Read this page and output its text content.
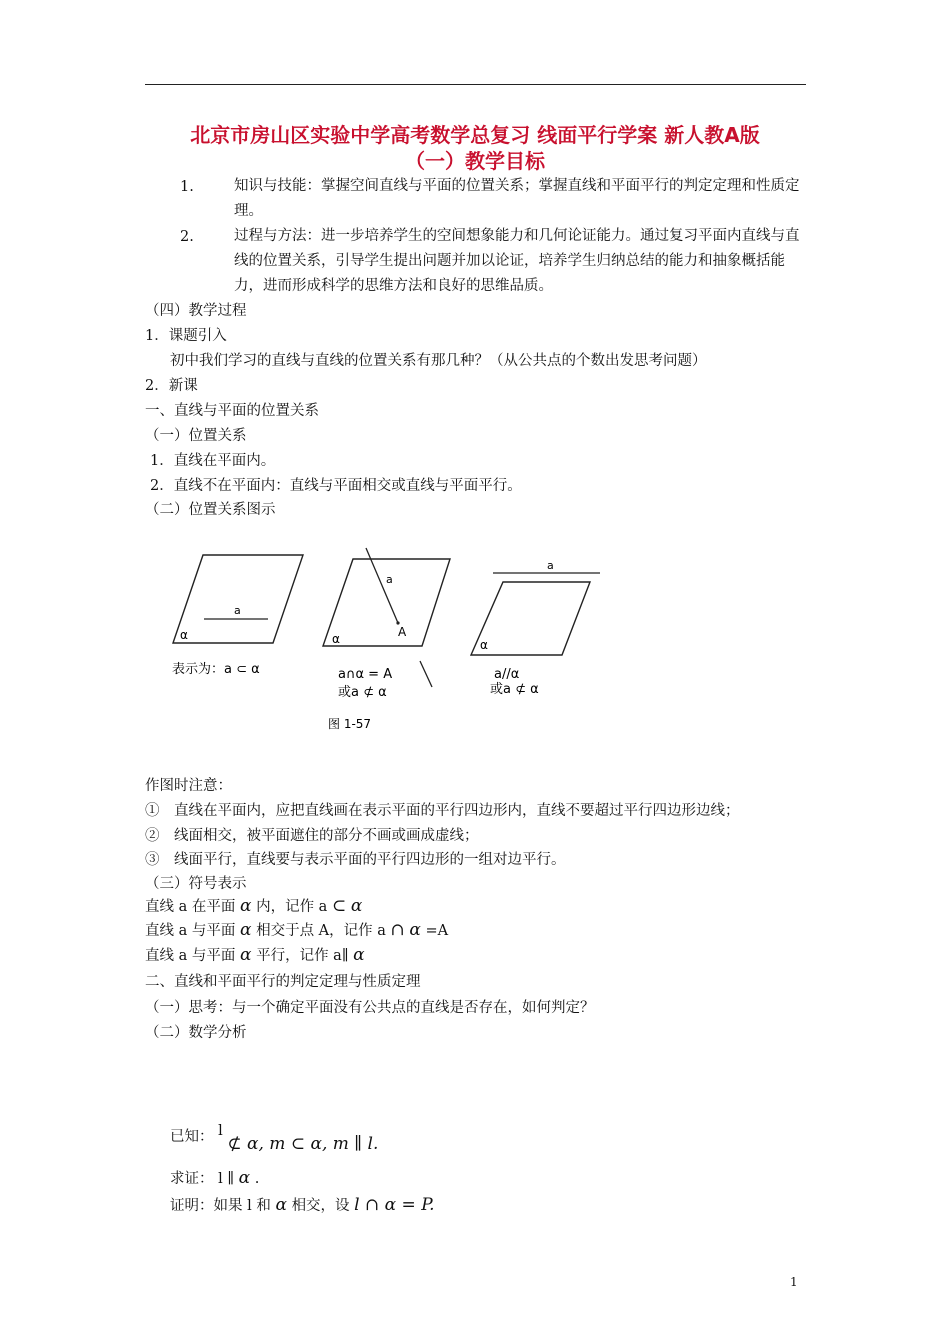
北京市房山区实验中学高考数学总复习 线面平行学案 新人教A版
（一）教学目标
1.	知识与技能：掌握空间直线与平面的位置关系；掌握直线和平面平行的判定定理和性质定理。
2.	过程与方法：进一步培养学生的空间想象能力和几何论证能力。通过复习平面内直线与直线的位置关系，引导学生提出问题并加以论证，培养学生归纳总结的能力和抽象概括能力，进而形成科学的思维方法和良好的思维品质。
（四）教学过程
1．课题引入
初中我们学习的直线与直线的位置关系有那几种？（从公共点的个数出发思考问题）
2．新课
一、直线与平面的位置关系
（一）位置关系
1．直线在平面内。
2．直线不在平面内：直线与平面相交或直线与平面平行。
（二）位置关系图示
a
α
表示为：a ⊂ α
a
A
α
a∩α = A
或a ⊄ α
a
α
a//α
或a ⊄ α
图 1-57
作图时注意：
①　直线在平面内，应把直线画在表示平面的平行四边形内，直线不要超过平行四边形边线；
②　线面相交，被平面遮住的部分不画或画成虚线；
③　线面平行，直线要与表示平面的平行四边形的一组对边平行。
（三）符号表示
直线 a 在平面 α 内，记作 a ⊂ α
直线 a 与平面 α 相交于点 A，记作 a ∩ α =A
直线 a 与平面 α 平行，记作 a∥ α
二、直线和平面平行的判定定理与性质定理
（一）思考：与一个确定平面没有公共点的直线是否存在，如何判定？
（二）数学分析
已知： l ⊄ α, m ⊂ α, m ∥ l.
求证： l ∥ α .
证明：如果 l 和 α 相交，设 l ∩ α = P.
1
